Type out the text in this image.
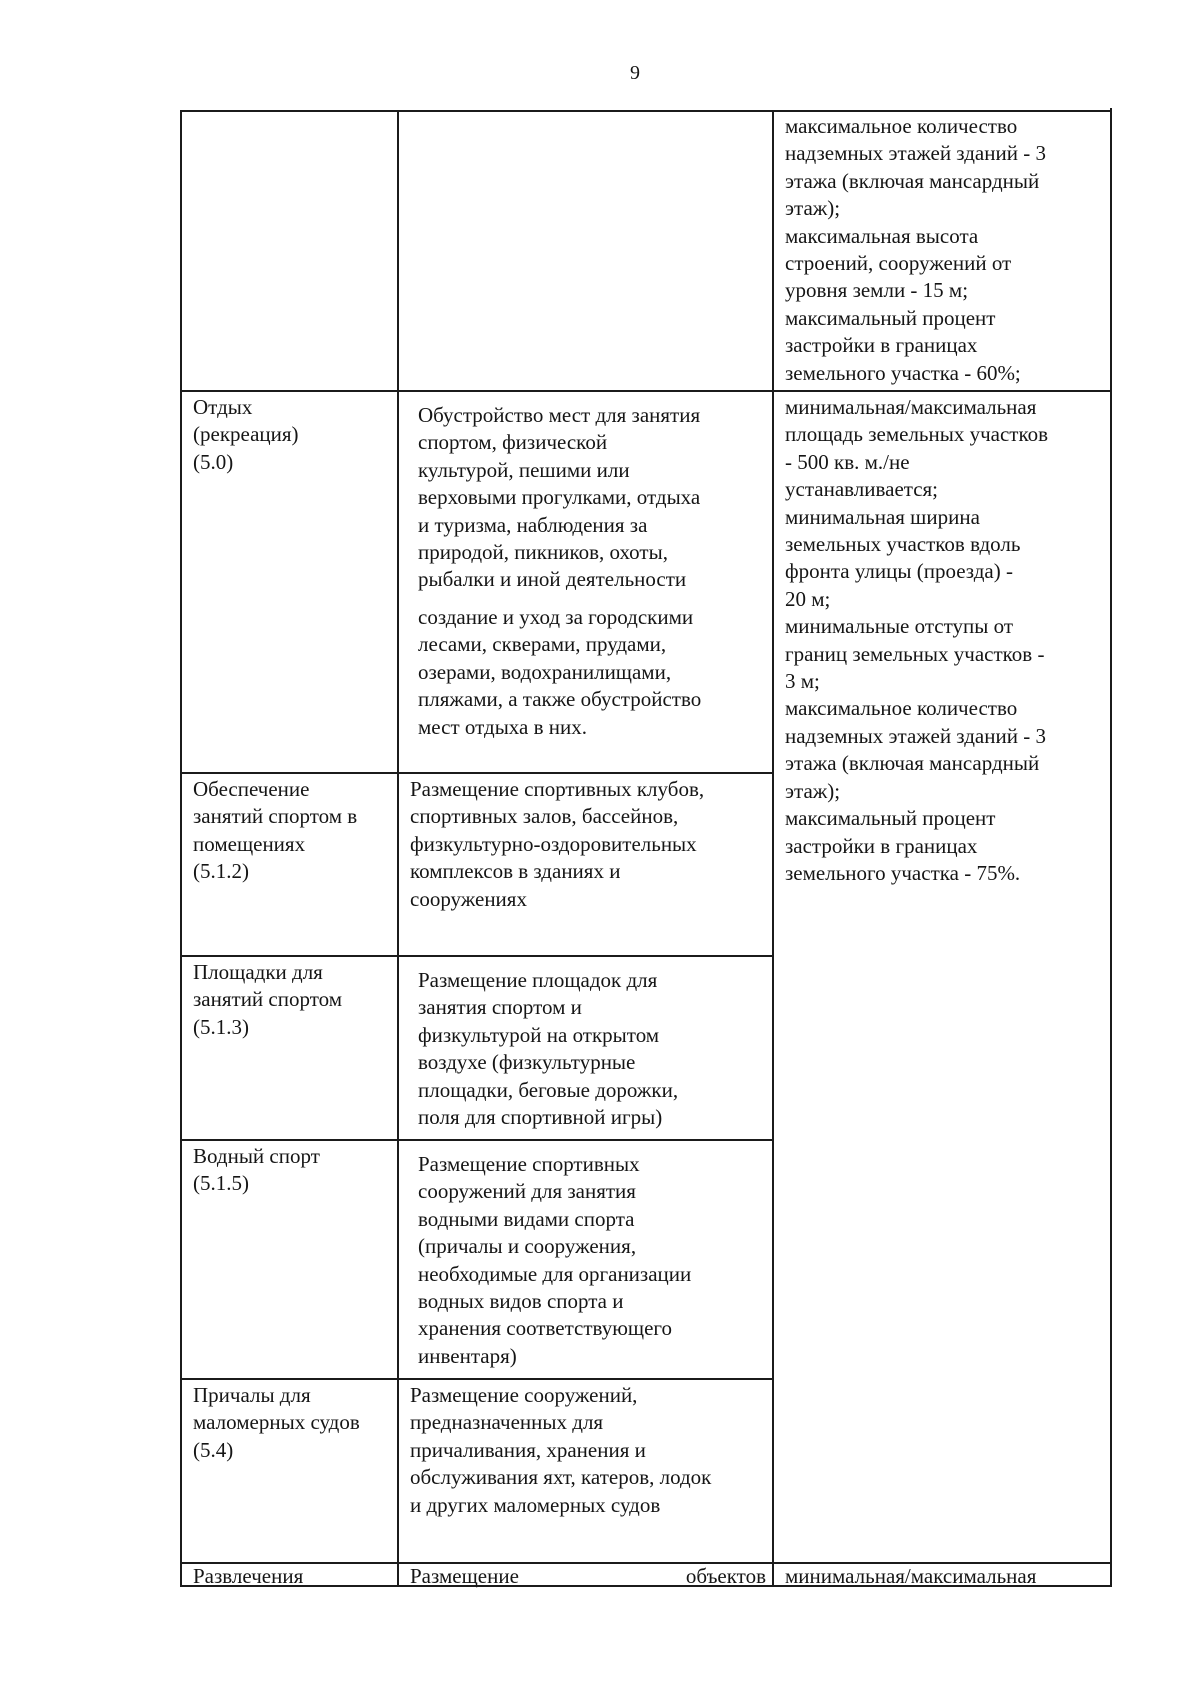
9
максимальное количество
надземных этажей зданий - 3
этажа (включая мансардный
этаж);
максимальная высота
строений, сооружений от
уровня земли - 15 м;
максимальный процент
застройки в границах
земельного участка - 60%;
Отдых
(рекреация)
(5.0)
Обустройство мест для занятия
спортом, физической
культурой, пешими или
верховыми прогулками, отдыха
и туризма, наблюдения за
природой, пикников, охоты,
рыбалки и иной деятельности
создание и уход за городскими
лесами, скверами, прудами,
озерами, водохранилищами,
пляжами, а также обустройство
мест отдыха в них.
минимальная/максимальная
площадь земельных участков
- 500 кв. м./не
устанавливается;
минимальная ширина
земельных участков вдоль
фронта улицы (проезда) -
20 м;
минимальные отступы от
границ земельных участков -
3 м;
максимальное количество
надземных этажей зданий - 3
этажа (включая мансардный
этаж);
максимальный процент
застройки в границах
земельного участка - 75%.
Обеспечение
занятий спортом в
помещениях
(5.1.2)
Размещение спортивных клубов,
спортивных залов, бассейнов,
физкультурно-оздоровительных
комплексов в зданиях и
сооружениях
Площадки для
занятий спортом
(5.1.3)
Размещение площадок для
занятия спортом и
физкультурой на открытом
воздухе (физкультурные
площадки, беговые дорожки,
поля для спортивной игры)
Водный спорт
(5.1.5)
Размещение спортивных
сооружений для занятия
водными видами спорта
(причалы и сооружения,
необходимые для организации
водных видов спорта и
хранения соответствующего
инвентаря)
Причалы для
маломерных судов
(5.4)
Размещение сооружений,
предназначенных для
причаливания, хранения и
обслуживания яхт, катеров, лодок
и других маломерных судов
Развлечения	Размещение объектов минимальная/максимальная
